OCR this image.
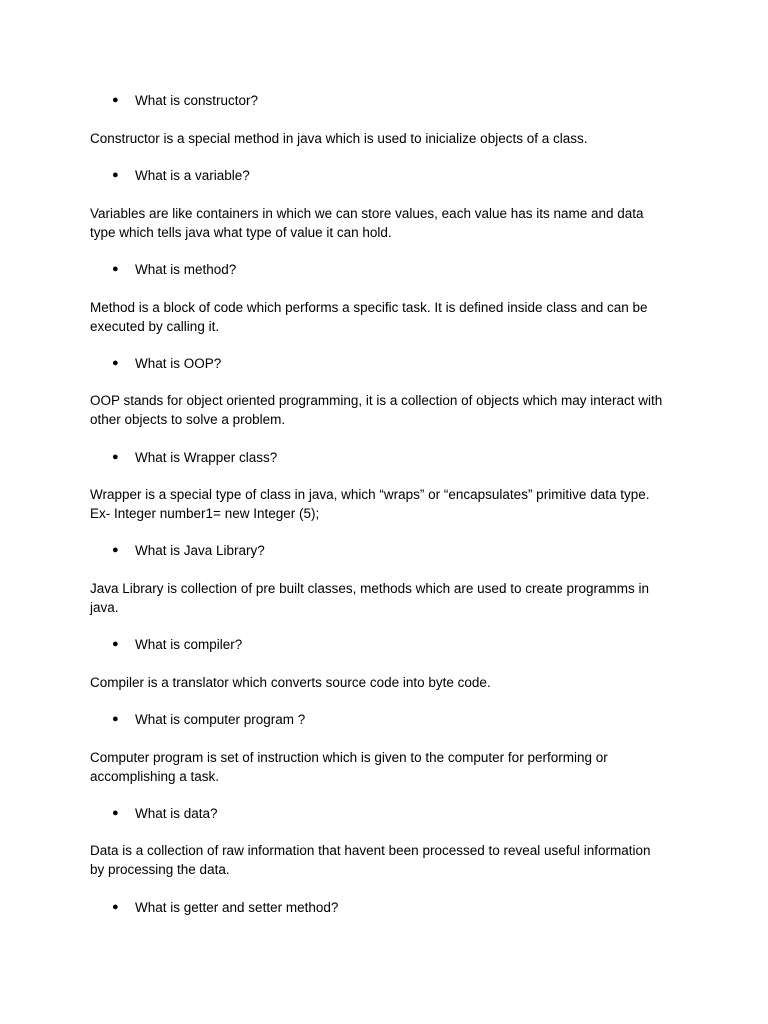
● What is constructor?
Constructor is a special method in java which is used to inicialize objects of a class.
● What is a variable?
Variables are like containers in which we can store values, each value has its name and data
type which tells java what type of value it can hold.
● What is method?
Method is a block of code which performs a specific task. It is defined inside class and can be
executed by calling it.
● What is OOP?
OOP stands for object oriented programming, it is a collection of objects which may interact with
other objects to solve a problem.
● What is Wrapper class?
Wrapper is a special type of class in java, which “wraps” or “encapsulates” primitive data type.
Ex- Integer number1= new Integer (5);
● What is Java Library?
Java Library is collection of pre built classes, methods which are used to create programms in
java.
● What is compiler?
Compiler is a translator which converts source code into byte code.
● What is computer program ?
Computer program is set of instruction which is given to the computer for performing or
accomplishing a task.
● What is data?
Data is a collection of raw information that havent been processed to reveal useful information
by processing the data.
● What is getter and setter method?
